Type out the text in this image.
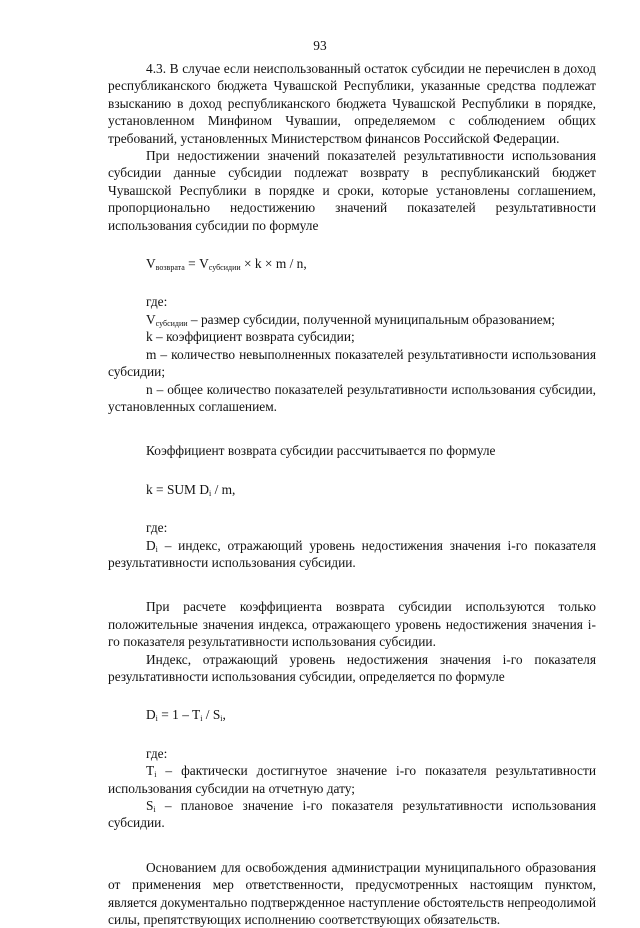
93

4.3. В случае если неиспользованный остаток субсидии не перечислен в доход республиканского бюджета Чувашской Республики, указанные средства подлежат взысканию в доход республиканского бюджета Чувашской Республики в порядке, установленном Минфином Чувашии, определяемом с соблюдением общих требований, установленных Министерством финансов Российской Федерации.

При недостижении значений показателей результативности использования субсидии данные субсидии подлежат возврату в республиканский бюджет Чувашской Республики в порядке и сроки, которые установлены соглашением, пропорционально недостижению значений показателей результативности использования субсидии по формуле

$V_{возврата} = V_{субсидии} \times k \times m / n$,

где:

$V_{субсидии}$ – размер субсидии, полученной муниципальным образованием;

k – коэффициент возврата субсидии;

m – количество невыполненных показателей результативности использования субсидии;

n – общее количество показателей результативности использования субсидии, установленных соглашением.

Коэффициент возврата субсидии рассчитывается по формуле

k = SUM $D_i$ / m,

где:

$D_i$ – индекс, отражающий уровень недостижения значения i-го показателя результативности использования субсидии.

При расчете коэффициента возврата субсидии используются только положительные значения индекса, отражающего уровень недостижения значения i-го показателя результативности использования субсидии.

Индекс, отражающий уровень недостижения значения i-го показателя результативности использования субсидии, определяется по формуле

$D_i = 1 - T_i / S_i$,

где:

$T_i$ – фактически достигнутое значение i-го показателя результативности использования субсидии на отчетную дату;

$S_i$ – плановое значение i-го показателя результативности использования субсидии.

Основанием для освобождения администрации муниципального образования от применения мер ответственности, предусмотренных настоящим пунктом, является документально подтвержденное наступление обстоятельств непреодолимой силы, препятствующих исполнению соответствующих обязательств.
